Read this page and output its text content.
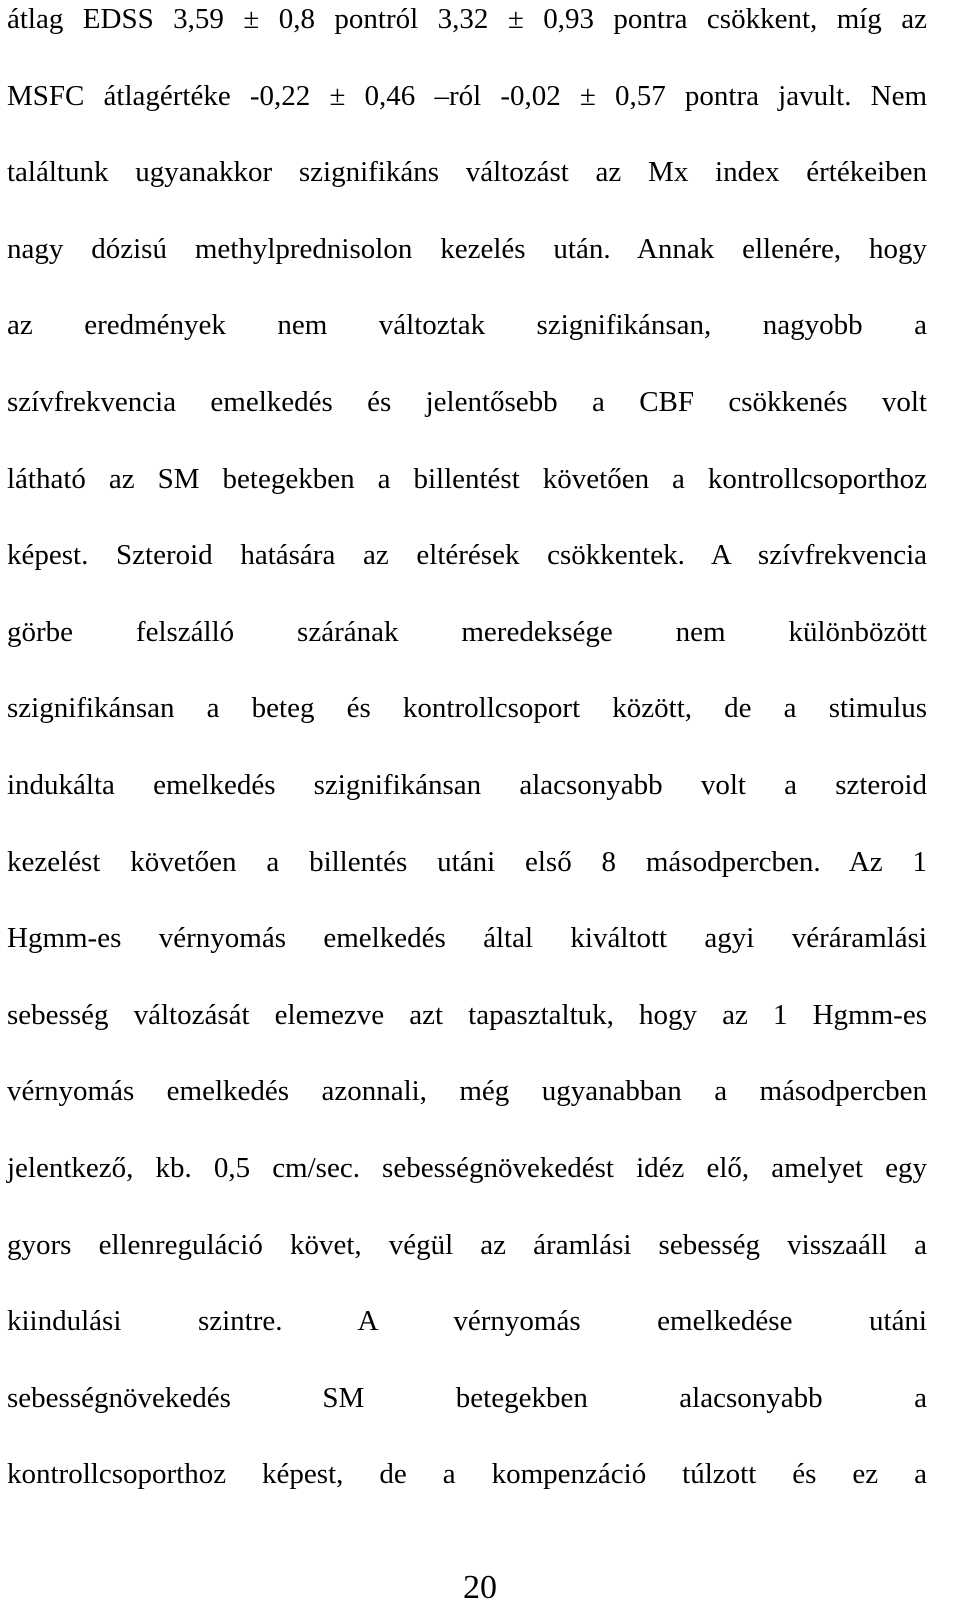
átlag EDSS 3,59 ± 0,8 pontról 3,32 ± 0,93 pontra csökkent, míg az
MSFC átlagértéke -0,22 ± 0,46 –ról -0,02 ± 0,57 pontra javult. Nem
találtunk ugyanakkor szignifikáns változást az Mx index értékeiben
nagy dózisú methylprednisolon kezelés után. Annak ellenére, hogy
az eredmények nem változtak szignifikánsan, nagyobb a
szívfrekvencia emelkedés és jelentősebb a CBF csökkenés volt
látható az SM betegekben a billentést követően a kontrollcsoporthoz
képest. Szteroid hatására az eltérések csökkentek. A szívfrekvencia
görbe felszálló szárának meredeksége nem különbözött
szignifikánsan a beteg és kontrollcsoport között, de a stimulus
indukálta emelkedés szignifikánsan alacsonyabb volt a szteroid
kezelést követően a billentés utáni első 8 másodpercben. Az 1
Hgmm-es vérnyomás emelkedés által kiváltott agyi véráramlási
sebesség változását elemezve azt tapasztaltuk, hogy az 1 Hgmm-es
vérnyomás emelkedés azonnali, még ugyanabban a másodpercben
jelentkező, kb. 0,5 cm/sec. sebességnövekedést idéz elő, amelyet egy
gyors ellenreguláció követ, végül az áramlási sebesség visszaáll a
kiindulási szintre. A vérnyomás emelkedése utáni
sebességnövekedés SM betegekben alacsonyabb a
kontrollcsoporthoz képest, de a kompenzáció túlzott és ez a
20
